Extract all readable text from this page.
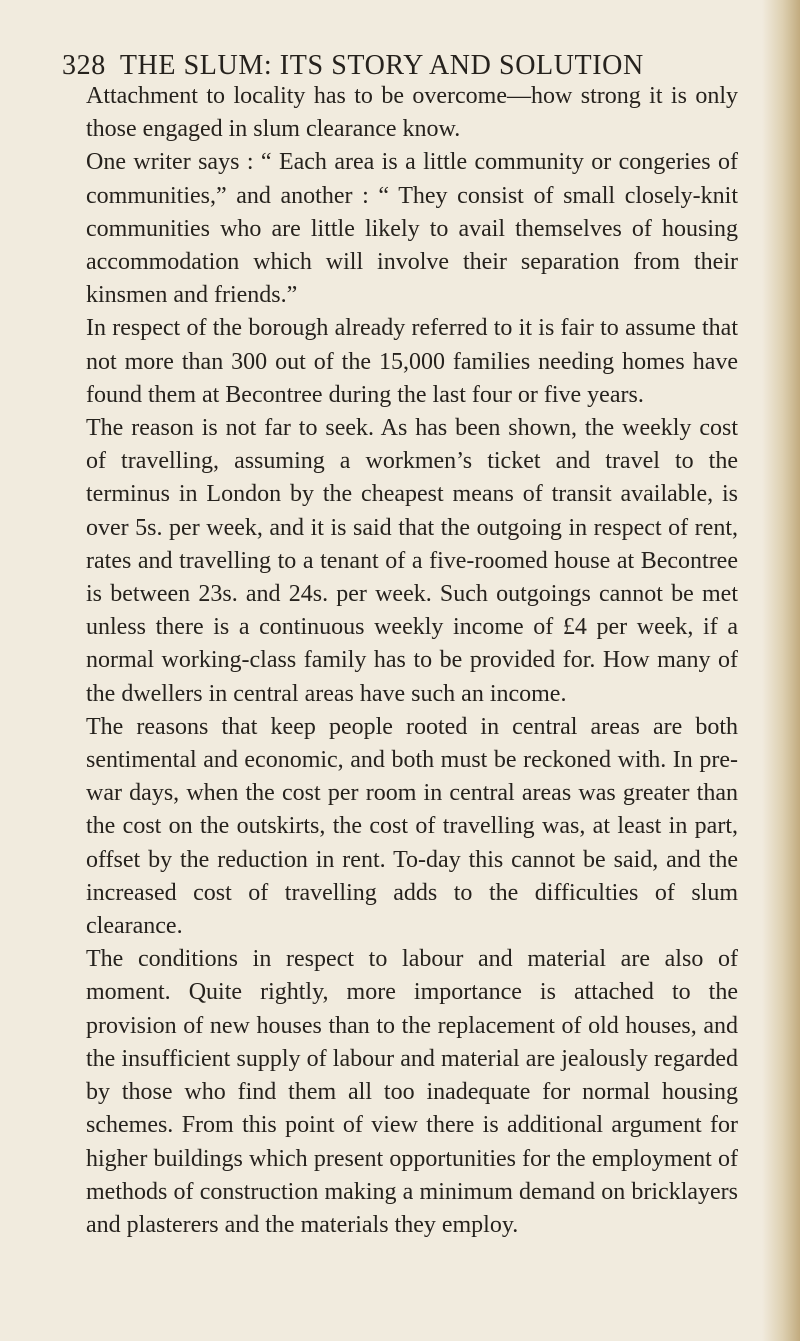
328 THE SLUM: ITS STORY AND SOLUTION

Attachment to locality has to be overcome—how strong it is only those engaged in slum clearance know.

One writer says : “ Each area is a little community or congeries of communities,” and another : “ They consist of small closely-knit communities who are little likely to avail themselves of housing accommodation which will involve their separation from their kinsmen and friends.”

In respect of the borough already referred to it is fair to assume that not more than 300 out of the 15,000 families needing homes have found them at Becontree during the last four or five years.

The reason is not far to seek. As has been shown, the weekly cost of travelling, assuming a workmen’s ticket and travel to the terminus in London by the cheapest means of transit available, is over 5s. per week, and it is said that the outgoing in respect of rent, rates and travelling to a tenant of a five-roomed house at Becontree is between 23s. and 24s. per week. Such outgoings cannot be met unless there is a continuous weekly income of £4 per week, if a normal working-class family has to be provided for. How many of the dwellers in central areas have such an income.

The reasons that keep people rooted in central areas are both sentimental and economic, and both must be reckoned with. In pre-war days, when the cost per room in central areas was greater than the cost on the outskirts, the cost of travelling was, at least in part, offset by the reduction in rent. To-day this cannot be said, and the increased cost of travelling adds to the difficulties of slum clearance.

The conditions in respect to labour and material are also of moment. Quite rightly, more importance is attached to the provision of new houses than to the replacement of old houses, and the insufficient supply of labour and material are jealously regarded by those who find them all too inadequate for normal housing schemes. From this point of view there is additional argument for higher buildings which present opportunities for the employment of methods of construction making a minimum demand on bricklayers and plasterers and the materials they employ.
